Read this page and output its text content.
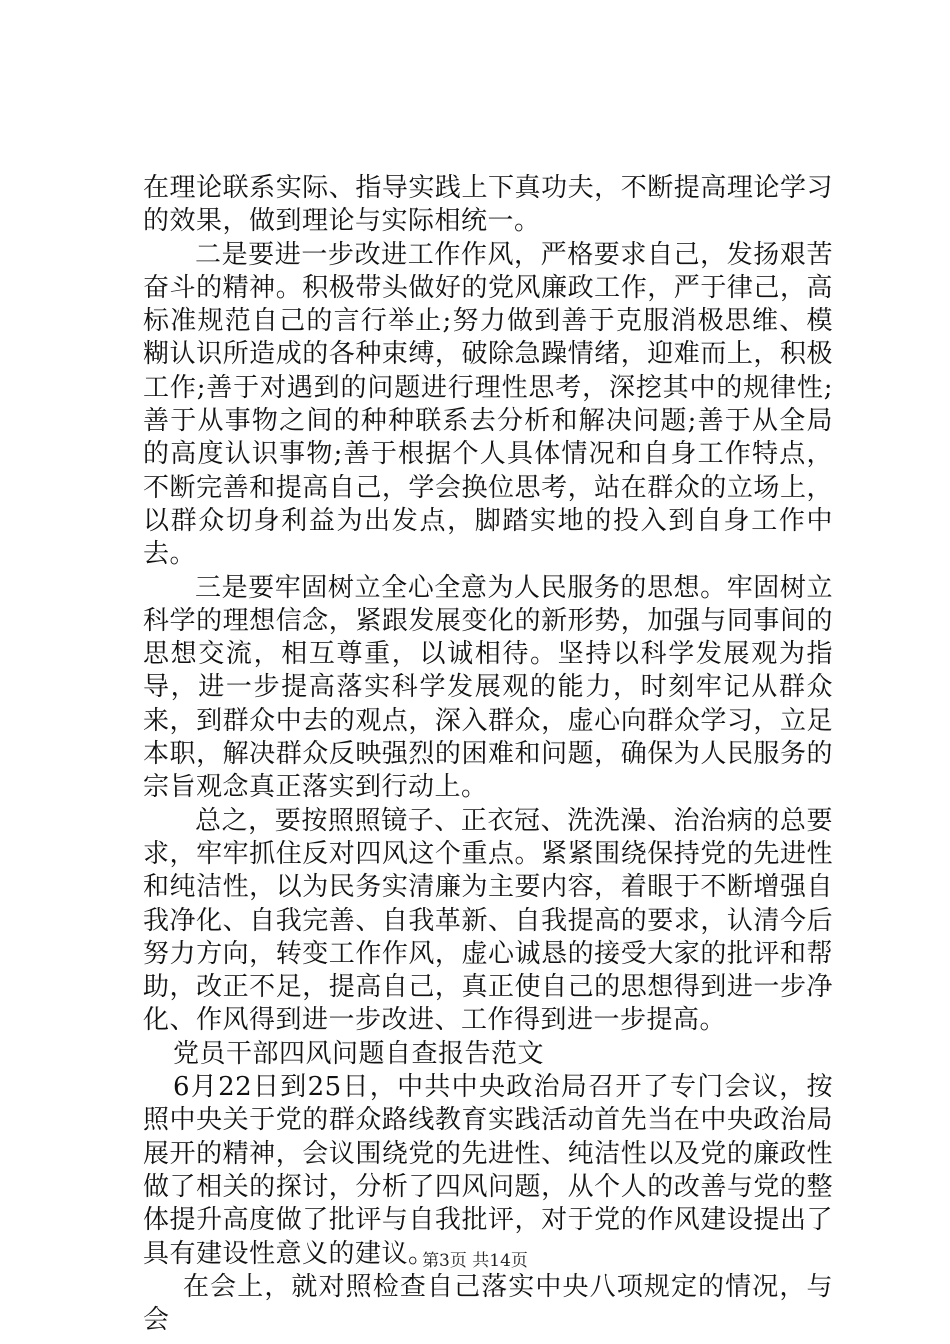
在理论联系实际、指导实践上下真功夫，不断提高理论学习的效果，做到理论与实际相统一。

二是要进一步改进工作作风，严格要求自己，发扬艰苦奋斗的精神。积极带头做好的党风廉政工作，严于律己，高标准规范自己的言行举止;努力做到善于克服消极思维、模糊认识所造成的各种束缚，破除急躁情绪，迎难而上，积极工作;善于对遇到的问题进行理性思考，深挖其中的规律性;善于从事物之间的种种联系去分析和解决问题;善于从全局的高度认识事物;善于根据个人具体情况和自身工作特点，不断完善和提高自己，学会换位思考，站在群众的立场上，以群众切身利益为出发点，脚踏实地的投入到自身工作中去。

三是要牢固树立全心全意为人民服务的思想。牢固树立科学的理想信念，紧跟发展变化的新形势，加强与同事间的思想交流，相互尊重，以诚相待。坚持以科学发展观为指导，进一步提高落实科学发展观的能力，时刻牢记从群众来，到群众中去的观点，深入群众，虚心向群众学习，立足本职，解决群众反映强烈的困难和问题，确保为人民服务的宗旨观念真正落实到行动上。

总之，要按照照镜子、正衣冠、洗洗澡、治治病的总要求，牢牢抓住反对四风这个重点。紧紧围绕保持党的先进性和纯洁性，以为民务实清廉为主要内容，着眼于不断增强自我净化、自我完善、自我革新、自我提高的要求，认清今后努力方向，转变工作作风，虚心诚恳的接受大家的批评和帮助，改正不足，提高自己，真正使自己的思想得到进一步净化、作风得到进一步改进、工作得到进一步提高。

党员干部四风问题自查报告范文

6月22日到25日，中共中央政治局召开了专门会议，按照中央关于党的群众路线教育实践活动首先当在中央政治局展开的精神，会议围绕党的先进性、纯洁性以及党的廉政性做了相关的探讨，分析了四风问题，从个人的改善与党的整体提升高度做了批评与自我批评，对于党的作风建设提出了具有建设性意义的建议。

在会上，就对照检查自己落实中央八项规定的情况，与会

第3页 共14页
